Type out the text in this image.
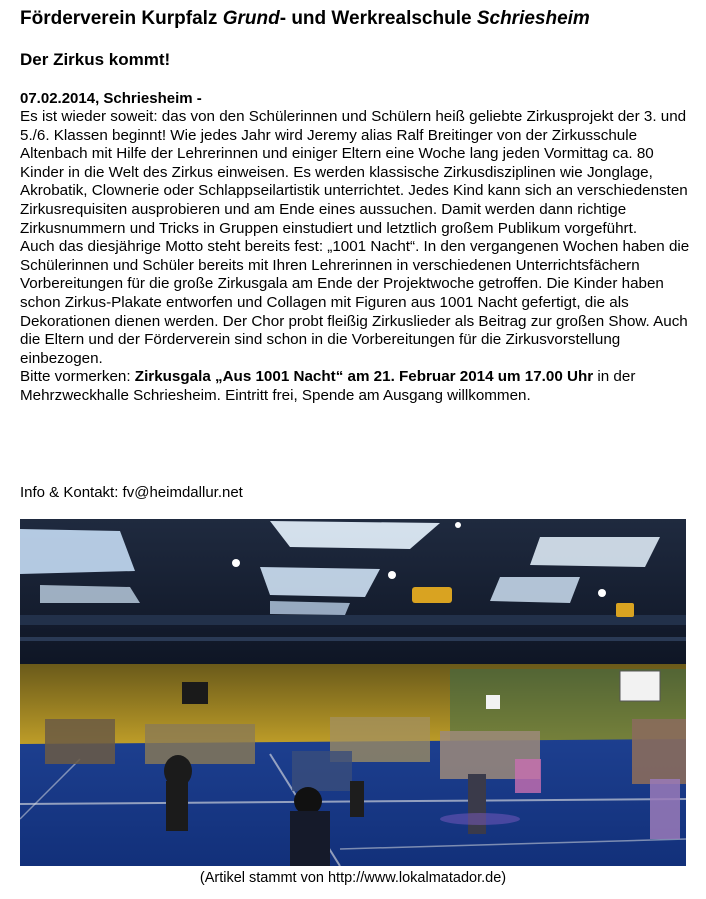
Förderverein Kurpfalz Grund- und Werkrealschule Schriesheim
Der Zirkus kommt!
07.02.2014, Schriesheim -

Es ist wieder soweit: das von den Schülerinnen und Schülern heiß geliebte Zirkusprojekt der 3. und 5./6. Klassen beginnt! Wie jedes Jahr wird Jeremy alias Ralf Breitinger von der Zirkusschule Altenbach mit Hilfe der Lehrerinnen und einiger Eltern eine Woche lang jeden Vormittag ca. 80 Kinder in die Welt des Zirkus einweisen. Es werden klassische Zirkusdisziplinen wie Jonglage, Akrobatik, Clownerie oder Schlappseilartistik unterrichtet. Jedes Kind kann sich an verschiedensten Zirkusrequisiten ausprobieren und am Ende eines aussuchen. Damit werden dann richtige Zirkusnummern und Tricks in Gruppen einstudiert und letztlich großem Publikum vorgeführt.

Auch das diesjährige Motto steht bereits fest: „1001 Nacht“. In den vergangenen Wochen haben die Schülerinnen und Schüler bereits mit Ihren Lehrerinnen in verschiedenen Unterrichtsfächern Vorbereitungen für die große Zirkusgala am Ende der Projektwoche getroffen. Die Kinder haben schon Zirkus-Plakate entworfen und Collagen mit Figuren aus 1001 Nacht gefertigt, die als Dekorationen dienen werden. Der Chor probt fleißig Zirkuslieder als Beitrag zur großen Show. Auch die Eltern und der Förderverein sind schon in die Vorbereitungen für die Zirkusvorstellung einbezogen.

Bitte vormerken: Zirkusgala „Aus 1001 Nacht“ am 21. Februar 2014 um 17.00 Uhr in der Mehrzweckhalle Schriesheim. Eintritt frei, Spende am Ausgang willkommen.

Info & Kontakt: fv@heimdallur.net
(Artikel stammt von http://www.lokalmatador.de)
